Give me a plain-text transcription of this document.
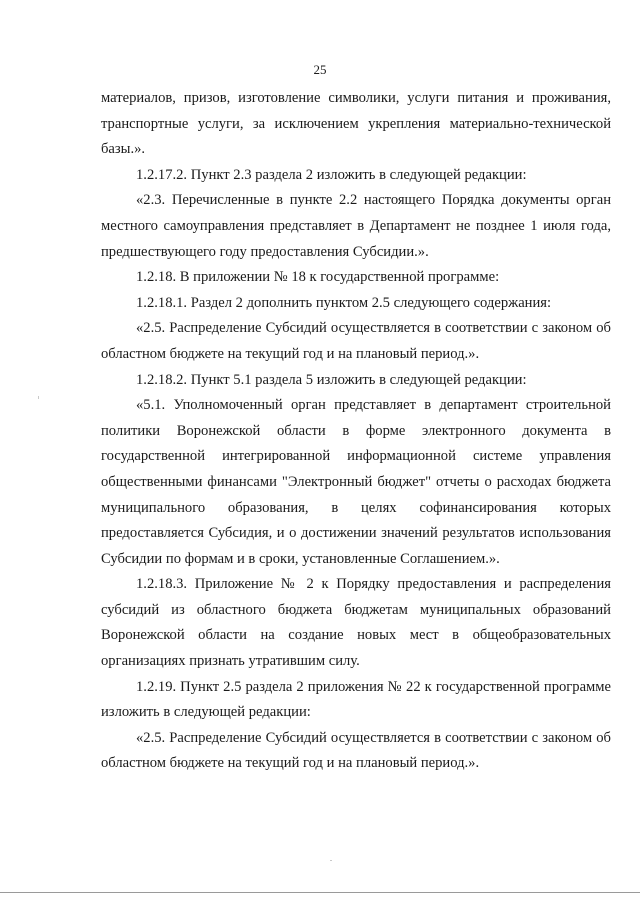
25

материалов, призов, изготовление символики, услуги питания и проживания, транспортные услуги, за исключением укрепления материально-технической базы.».

1.2.17.2. Пункт 2.3 раздела 2 изложить в следующей редакции:

«2.3. Перечисленные в пункте 2.2 настоящего Порядка документы орган местного самоуправления представляет в Департамент не позднее 1 июля года, предшествующего году предоставления Субсидии.».

1.2.18. В приложении № 18 к государственной программе:

1.2.18.1. Раздел 2 дополнить пунктом 2.5 следующего содержания:

«2.5. Распределение Субсидий осуществляется в соответствии с законом об областном бюджете на текущий год и на плановый период.».

1.2.18.2. Пункт 5.1 раздела 5 изложить в следующей редакции:

«5.1. Уполномоченный орган представляет в департамент строительной политики Воронежской области в форме электронного документа в государственной интегрированной информационной системе управления общественными финансами "Электронный бюджет" отчеты о расходах бюджета муниципального образования, в целях софинансирования которых предоставляется Субсидия, и о достижении значений результатов использования Субсидии по формам и в сроки, установленные Соглашением.».

1.2.18.3. Приложение № 2 к Порядку предоставления и распределения субсидий из областного бюджета бюджетам муниципальных образований Воронежской области на создание новых мест в общеобразовательных организациях признать утратившим силу.

1.2.19. Пункт 2.5 раздела 2 приложения № 22 к государственной программе изложить в следующей редакции:

«2.5. Распределение Субсидий осуществляется в соответствии с законом об областном бюджете на текущий год и на плановый период.».
